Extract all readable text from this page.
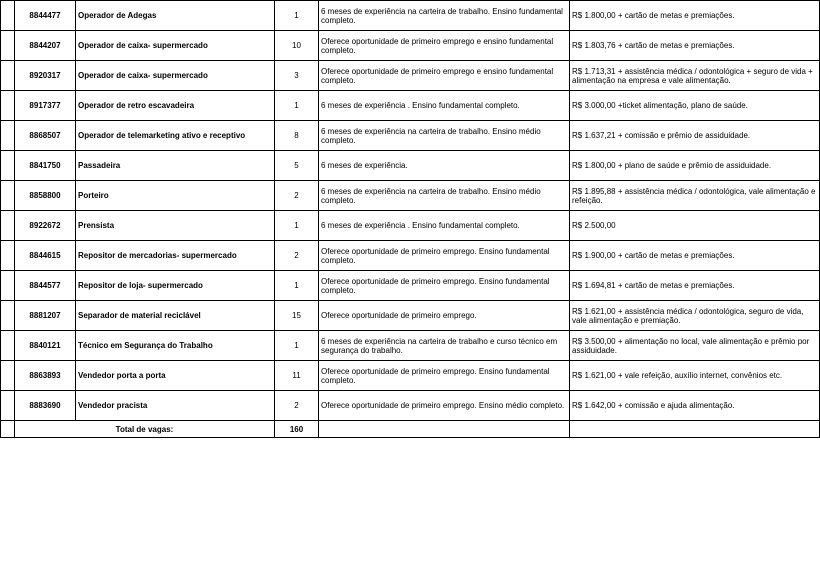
	8844477	Operador de Adegas	1	6 meses de experiência na carteira de trabalho. Ensino fundamental completo.	R$ 1.800,00 + cartão de metas e premiações.
	8844207	Operador de caixa- supermercado	10	Oferece oportunidade de primeiro emprego e ensino fundamental completo.	R$ 1.803,76 + cartão de metas e premiações.
	8920317	Operador de caixa- supermercado	3	Oferece oportunidade de primeiro emprego e ensino fundamental completo.	R$ 1.713,31 + assistência médica / odontológica + seguro de vida + alimentação na empresa e vale alimentação.
	8917377	Operador de retro escavadeira	1	6 meses de experiência . Ensino fundamental completo.	R$ 3.000,00 +ticket alimentação, plano de saúde.
	8868507	Operador de telemarketing ativo e receptivo	8	6 meses de experiência na carteira de trabalho. Ensino médio completo.	R$ 1.637,21 + comissão e prêmio de assiduidade.
	8841750	Passadeira	5	6 meses de experiência.	R$ 1.800,00 + plano de saúde e prêmio de assiduidade.
	8858800	Porteiro	2	6 meses de experiência na carteira de trabalho. Ensino médio completo.	R$ 1.895,88 + assistência médica / odontológica, vale alimentação e refeição.
	8922672	Prensista	1	6 meses de experiência . Ensino fundamental completo.	R$ 2.500,00
	8844615	Repositor de mercadorias- supermercado	2	Oferece oportunidade de primeiro emprego. Ensino fundamental completo.	R$ 1.900,00 + cartão de metas e premiações.
	8844577	Repositor de loja- supermercado	1	Oferece oportunidade de primeiro emprego. Ensino fundamental completo.	R$ 1.694,81 + cartão de metas e premiações.
	8881207	Separador de material reciclável	15	Oferece oportunidade de primeiro emprego.	R$ 1.621,00 + assistência médica / odontológica, seguro de vida, vale alimentação e premiação.
	8840121	Técnico em Segurança do Trabalho	1	6 meses de experiência na carteira de trabalho e curso técnico em segurança do trabalho.	R$ 3.500,00 + alimentação no local, vale alimentação e prêmio por assiduidade.
	8863893	Vendedor porta a porta	11	Oferece oportunidade de primeiro emprego. Ensino fundamental completo.	R$ 1.621,00 + vale refeição, auxílio internet, convênios etc.
	8883690	Vendedor pracista	2	Oferece oportunidade de primeiro emprego. Ensino médio completo.	R$ 1.642,00 + comissão e ajuda alimentação.
	Total de vagas:		160		
